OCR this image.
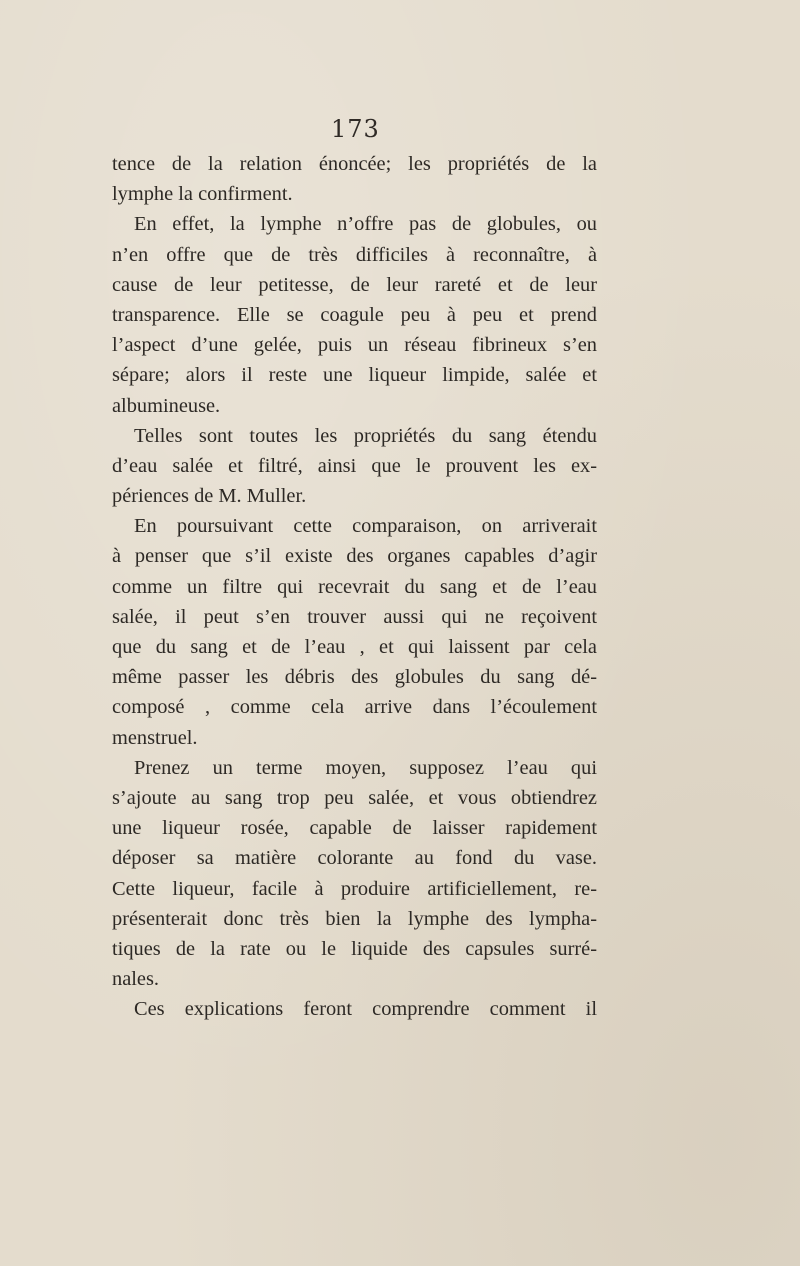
173
tence de la relation énoncée; les propriétés de la
lymphe la confirment.
En effet, la lymphe n’offre pas de globules, ou
n’en offre que de très difficiles à reconnaître, à
cause de leur petitesse, de leur rareté et de leur
transparence. Elle se coagule peu à peu et prend
l’aspect d’une gelée, puis un réseau fibrineux s’en
sépare; alors il reste une liqueur limpide, salée et
albumineuse.
Telles sont toutes les propriétés du sang étendu
d’eau salée et filtré, ainsi que le prouvent les ex-
périences de M. Muller.
En poursuivant cette comparaison, on arriverait
à penser que s’il existe des organes capables d’agir
comme un filtre qui recevrait du sang et de l’eau
salée, il peut s’en trouver aussi qui ne reçoivent
que du sang et de l’eau , et qui laissent par cela
même passer les débris des globules du sang dé-
composé , comme cela arrive dans l’écoulement
menstruel.
Prenez un terme moyen, supposez l’eau qui
s’ajoute au sang trop peu salée, et vous obtiendrez
une liqueur rosée, capable de laisser rapidement
déposer sa matière colorante au fond du vase.
Cette liqueur, facile à produire artificiellement, re-
présenterait donc très bien la lymphe des lympha-
tiques de la rate ou le liquide des capsules surré-
nales.
Ces explications feront comprendre comment il
